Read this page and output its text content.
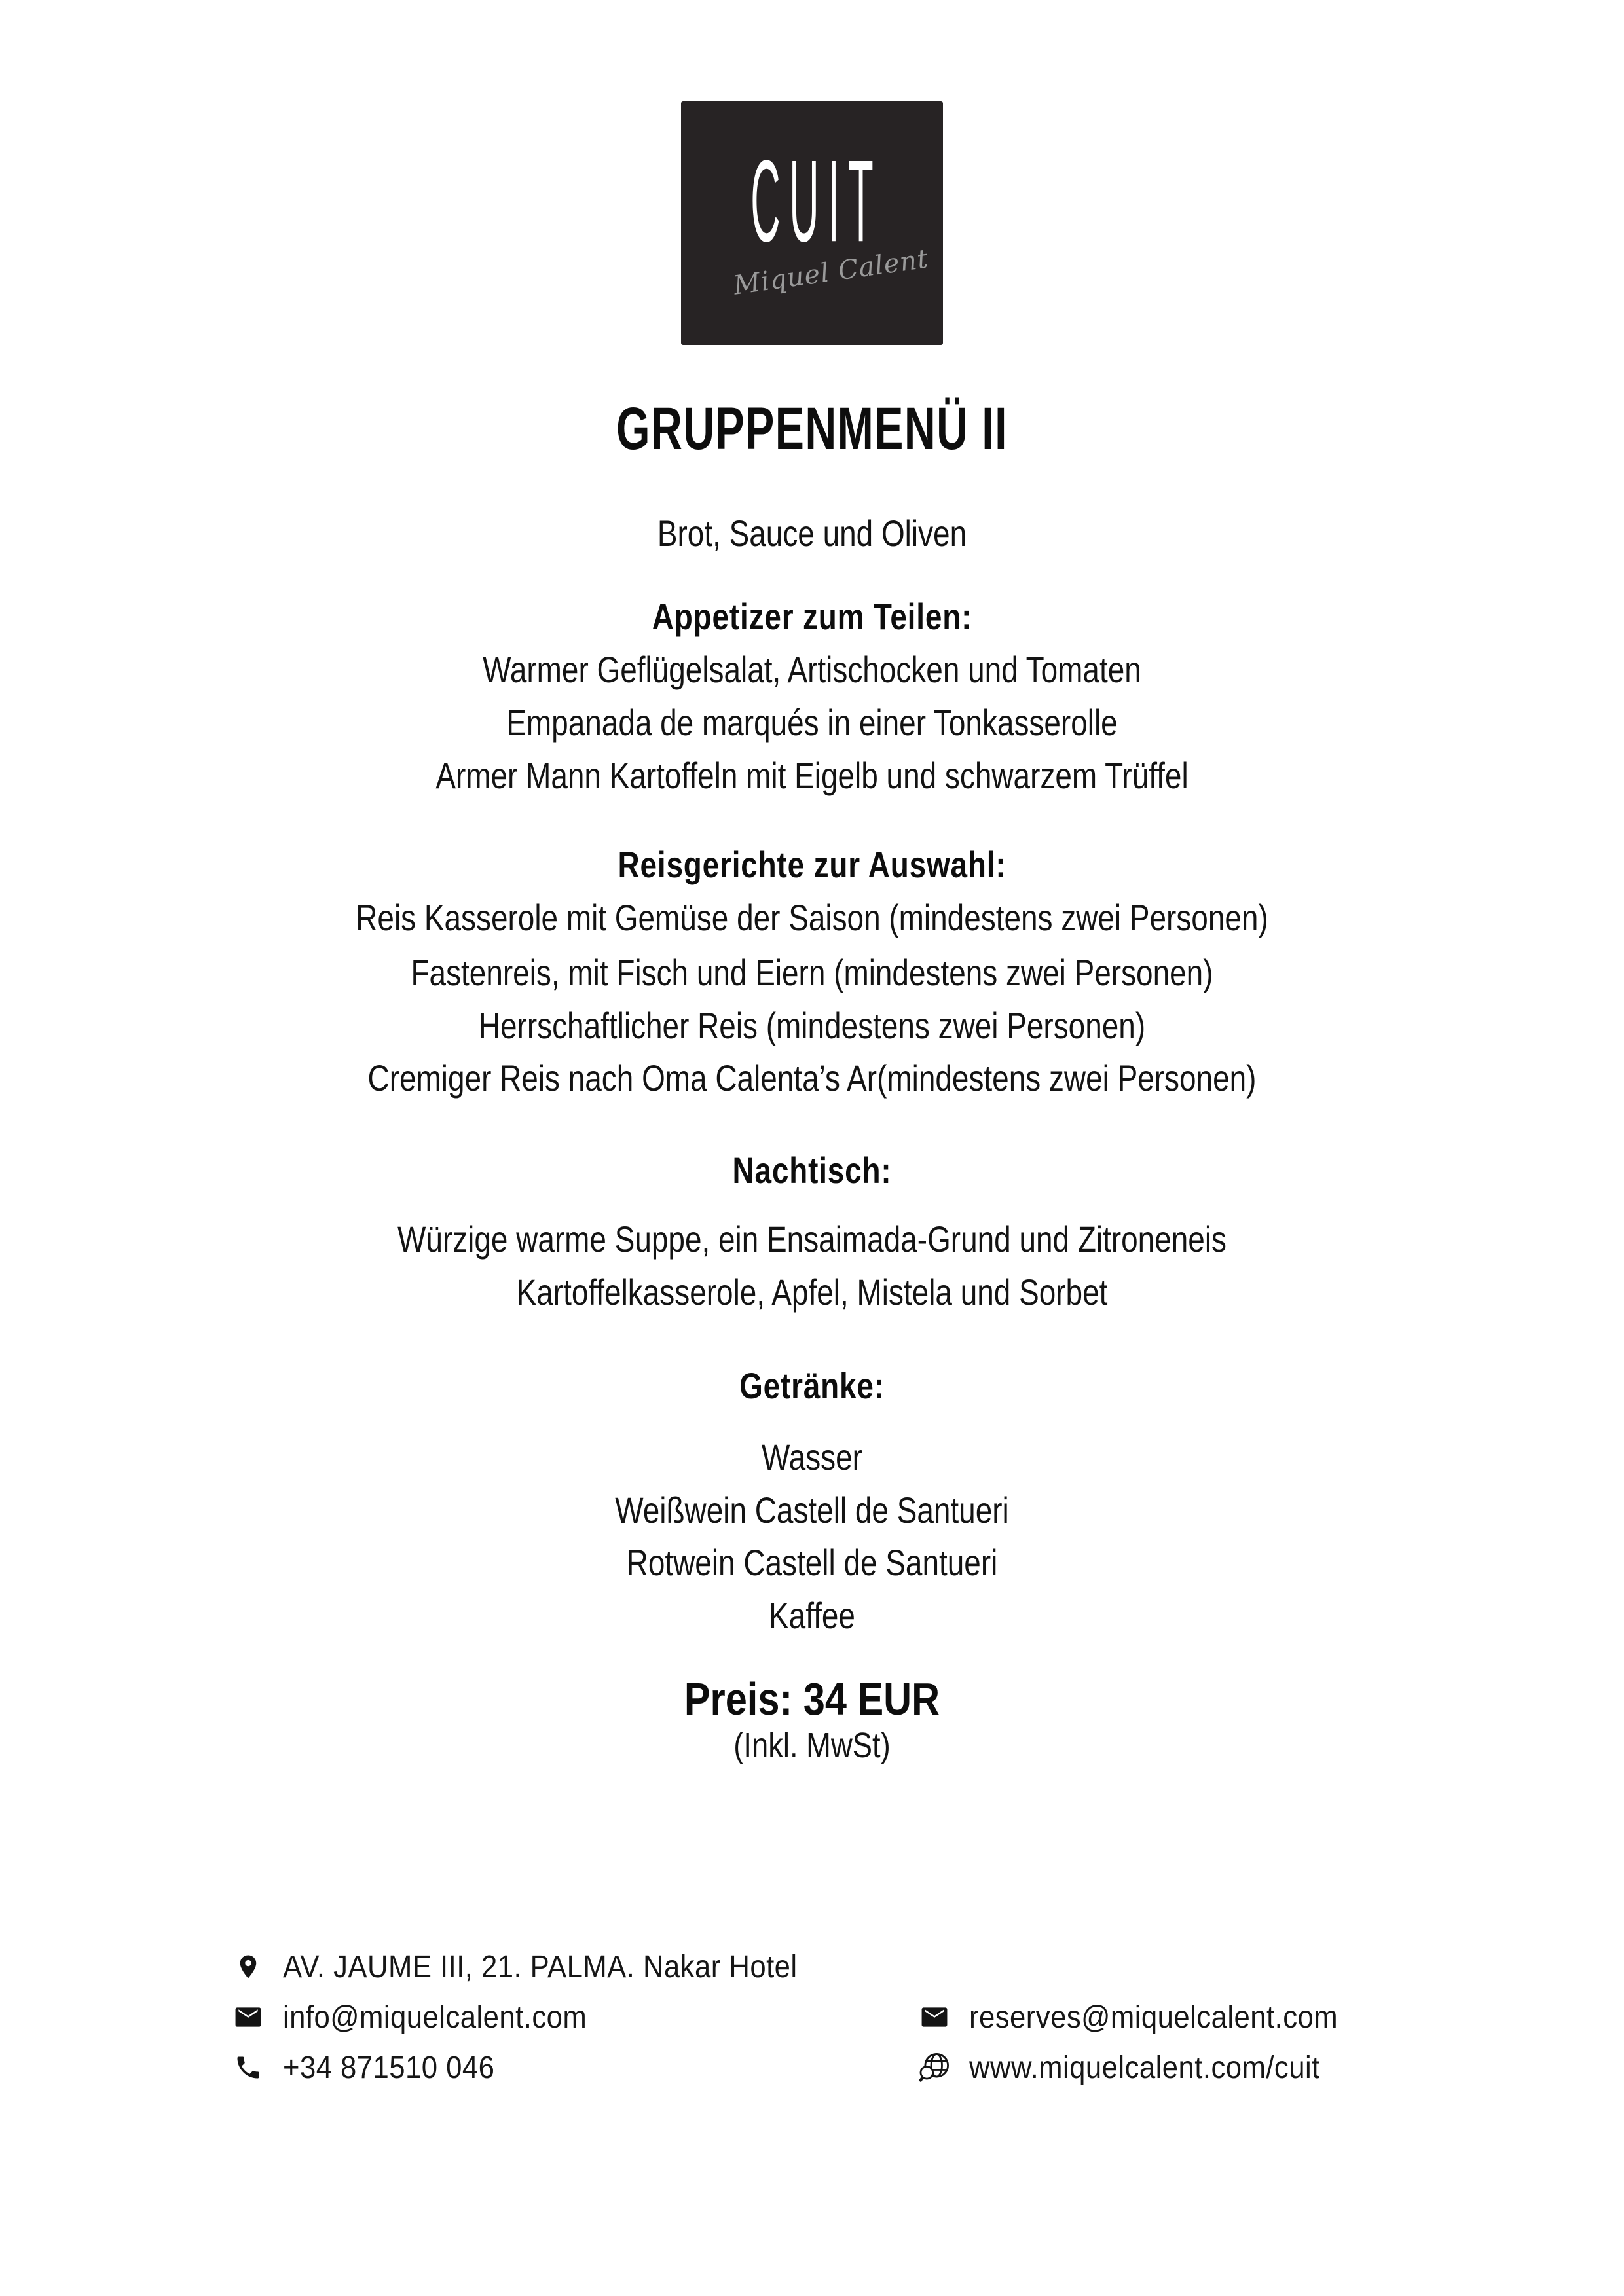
CUIT
Miquel Calent
GRUPPENMENÜ II
Brot, Sauce und Oliven
Appetizer zum Teilen:
Warmer Geflügelsalat, Artischocken und Tomaten
Empanada de marqués in einer Tonkasserolle
Armer Mann Kartoffeln mit Eigelb und schwarzem Trüffel
Reisgerichte zur Auswahl:
Reis Kasserole mit Gemüse der Saison (mindestens zwei Personen)
Fastenreis, mit Fisch und Eiern (mindestens zwei Personen)
Herrschaftlicher Reis (mindestens zwei Personen)
Cremiger Reis nach Oma Calenta’s Ar(mindestens zwei Personen)
Nachtisch:
Würzige warme Suppe, ein Ensaimada-Grund und Zitroneneis
Kartoffelkasserole, Apfel, Mistela und Sorbet
Getränke:
Wasser
Weißwein Castell de Santueri
Rotwein Castell de Santueri
Kaffee
Preis: 34 EUR
(Inkl. MwSt)
AV. JAUME III, 21. PALMA. Nakar Hotel
info@miquelcalent.com
+34 871510 046
reserves@miquelcalent.com
www.miquelcalent.com/cuit
